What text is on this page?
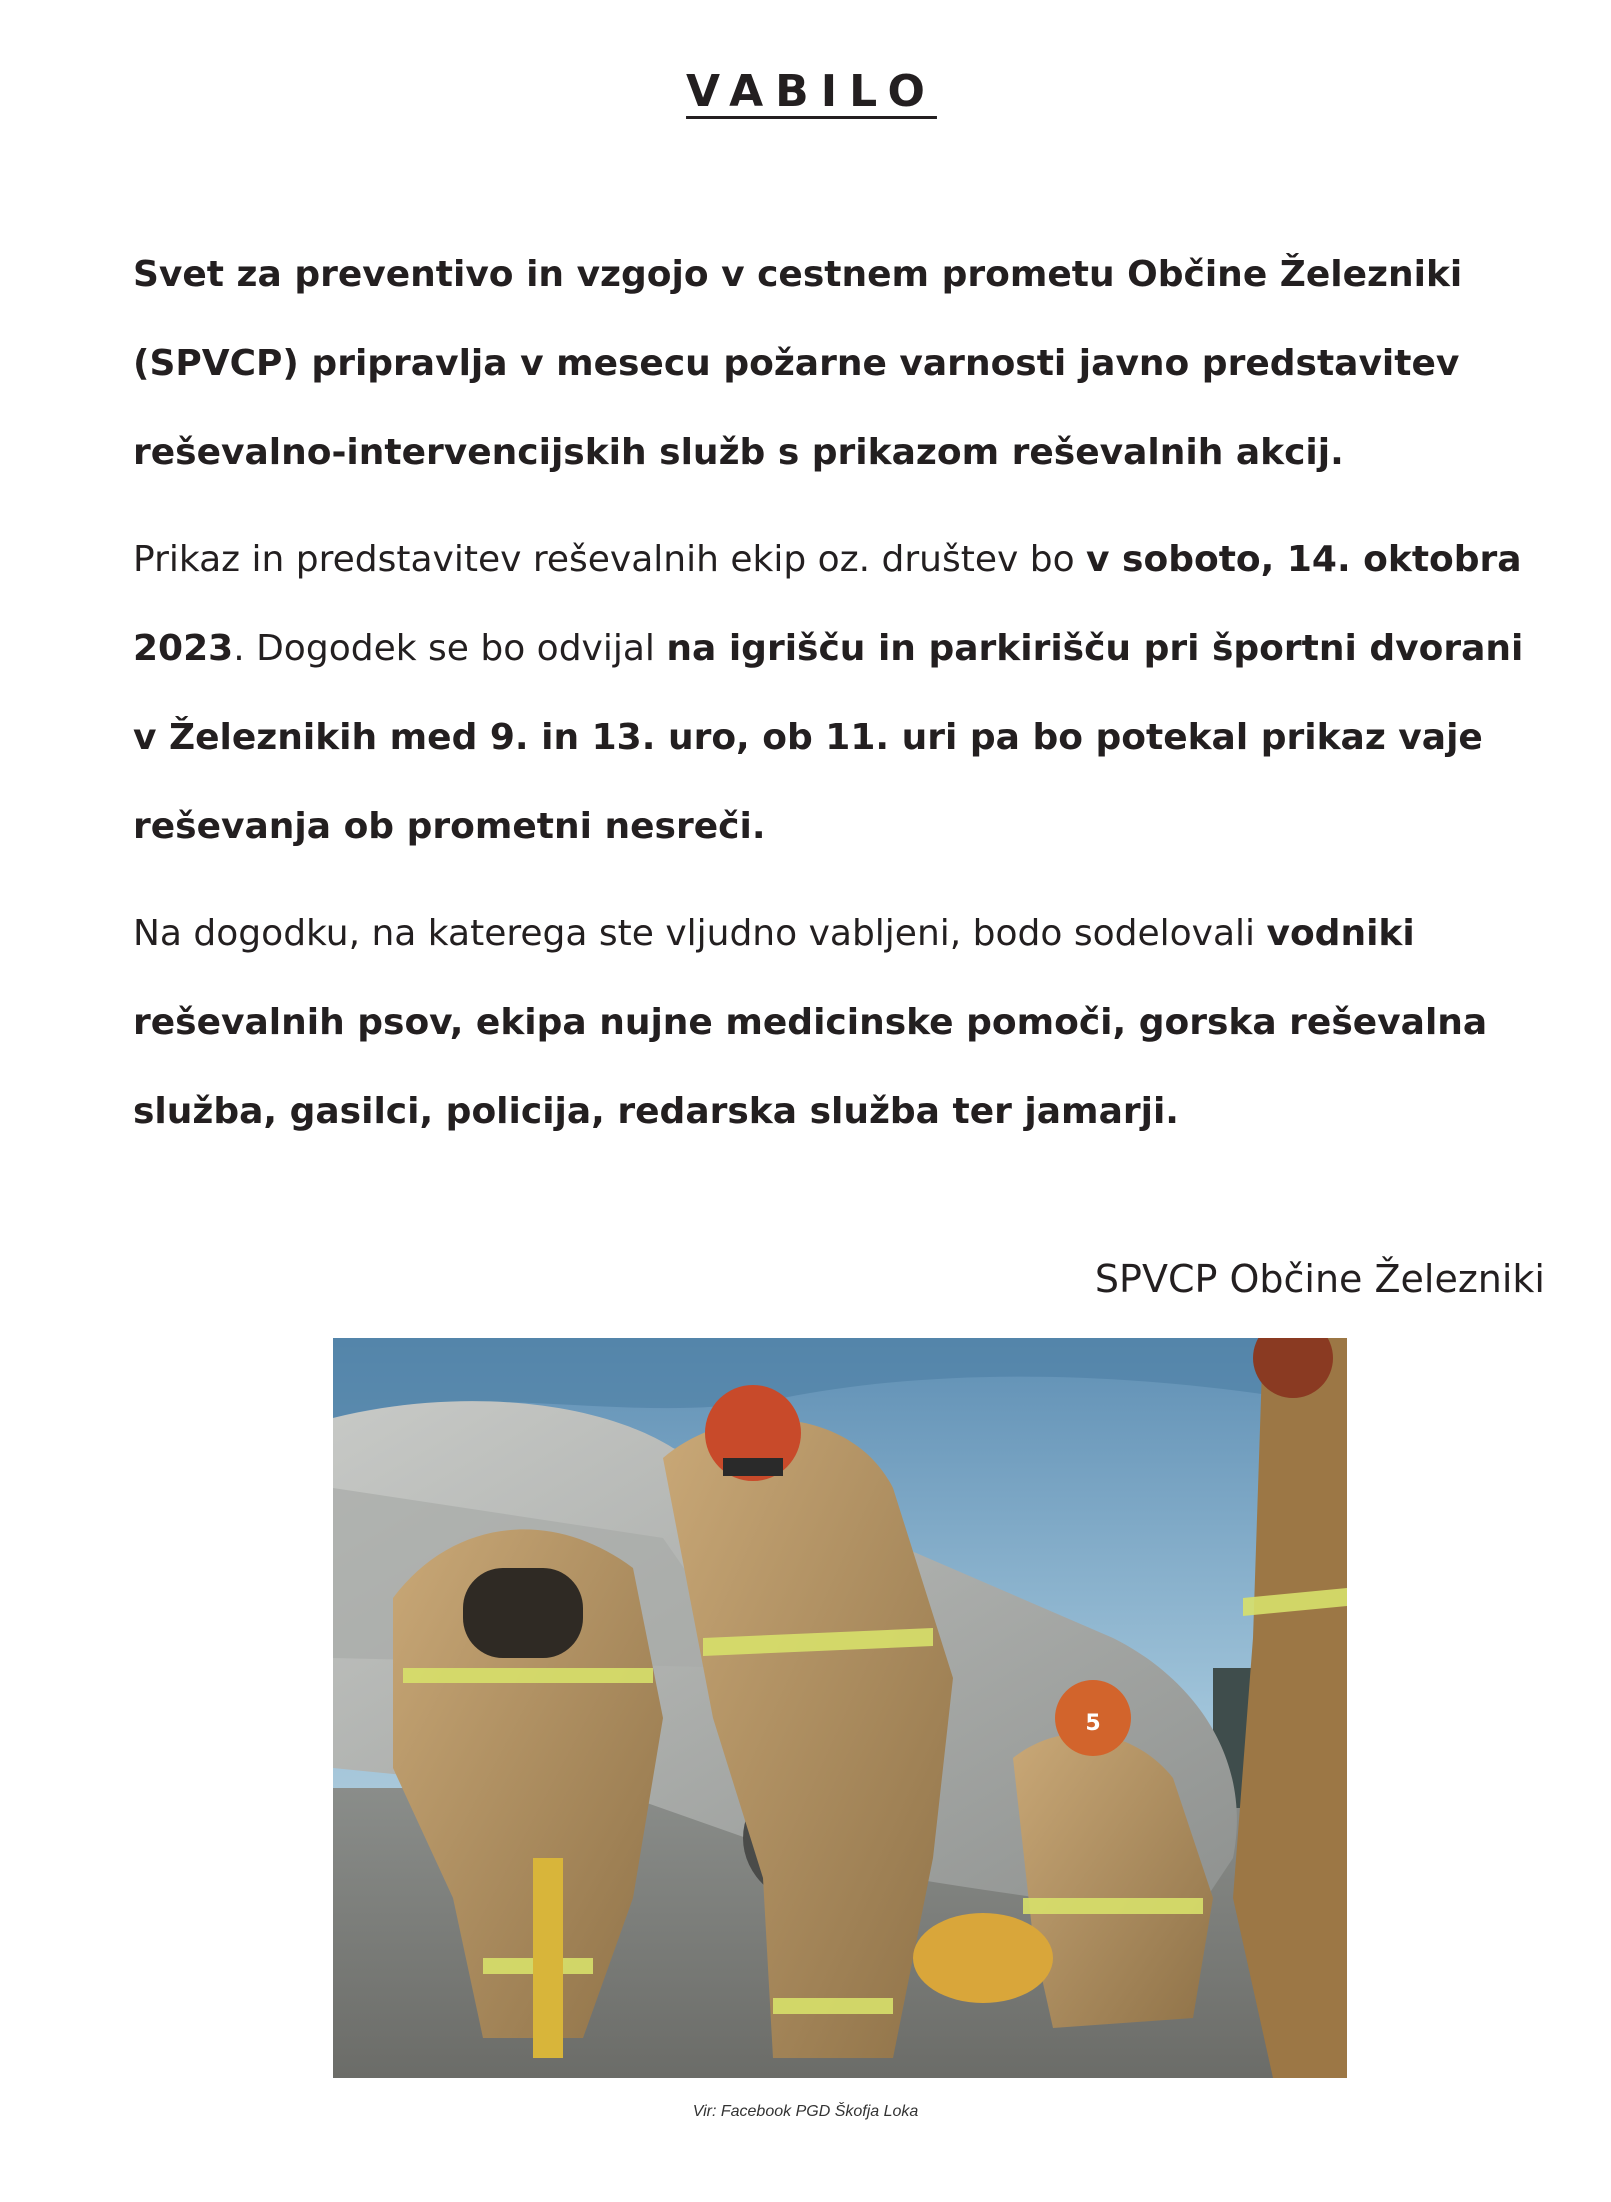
VABILO

Svet za preventivo in vzgojo v cestnem prometu Občine Železniki (SPVCP) pripravlja v mesecu požarne varnosti javno predstavitev reševalno-intervencijskih služb s prikazom reševalnih akcij.

Prikaz in predstavitev reševalnih ekip oz. društev bo v soboto, 14. oktobra 2023. Dogodek se bo odvijal na igrišču in parkirišču pri športni dvorani v Železnikih med 9. in 13. uro, ob 11. uri pa bo potekal prikaz vaje reševanja ob prometni nesreči.

Na dogodku, na katerega ste vljudno vabljeni, bodo sodelovali vodniki reševalnih psov, ekipa nujne medicinske pomoči, gorska reševalna služba, gasilci, policija, redarska služba ter jamarji.

SPVCP Občine Železniki
5
Vir: Facebook PGD Škofja Loka
